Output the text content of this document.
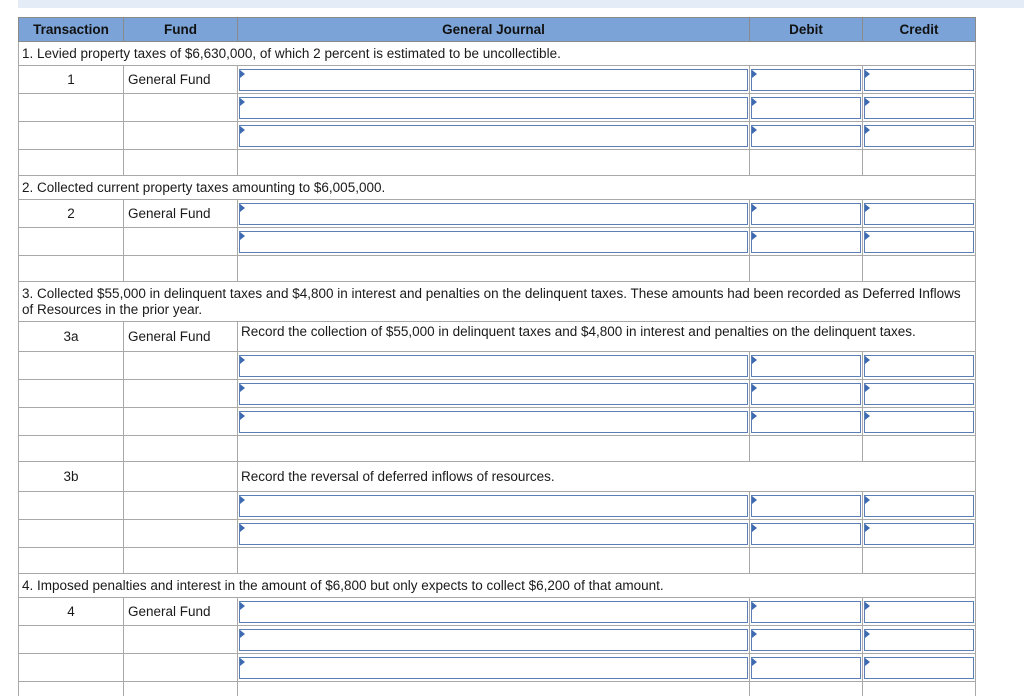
Transaction	Fund	General Journal	Debit	Credit
1. Levied property taxes of $6,630,000, of which 2 percent is estimated to be uncollectible.				
1	General Fund	

2. Collected current property taxes amounting to $6,005,000.				
2	General Fund	

3. Collected $55,000 in delinquent taxes and $4,800 in interest and penalties on the delinquent taxes. These amounts had been recorded as Deferred Inflows of Resources in the prior year.				
3a	General Fund	Record the collection of $55,000 in delinquent taxes and $4,800 in interest and penalties on the delinquent taxes.		

3b		Record the reversal of deferred inflows of resources.		

4. Imposed penalties and interest in the amount of $6,800 but only expects to collect $6,200 of that amount.				
4	General Fund	
